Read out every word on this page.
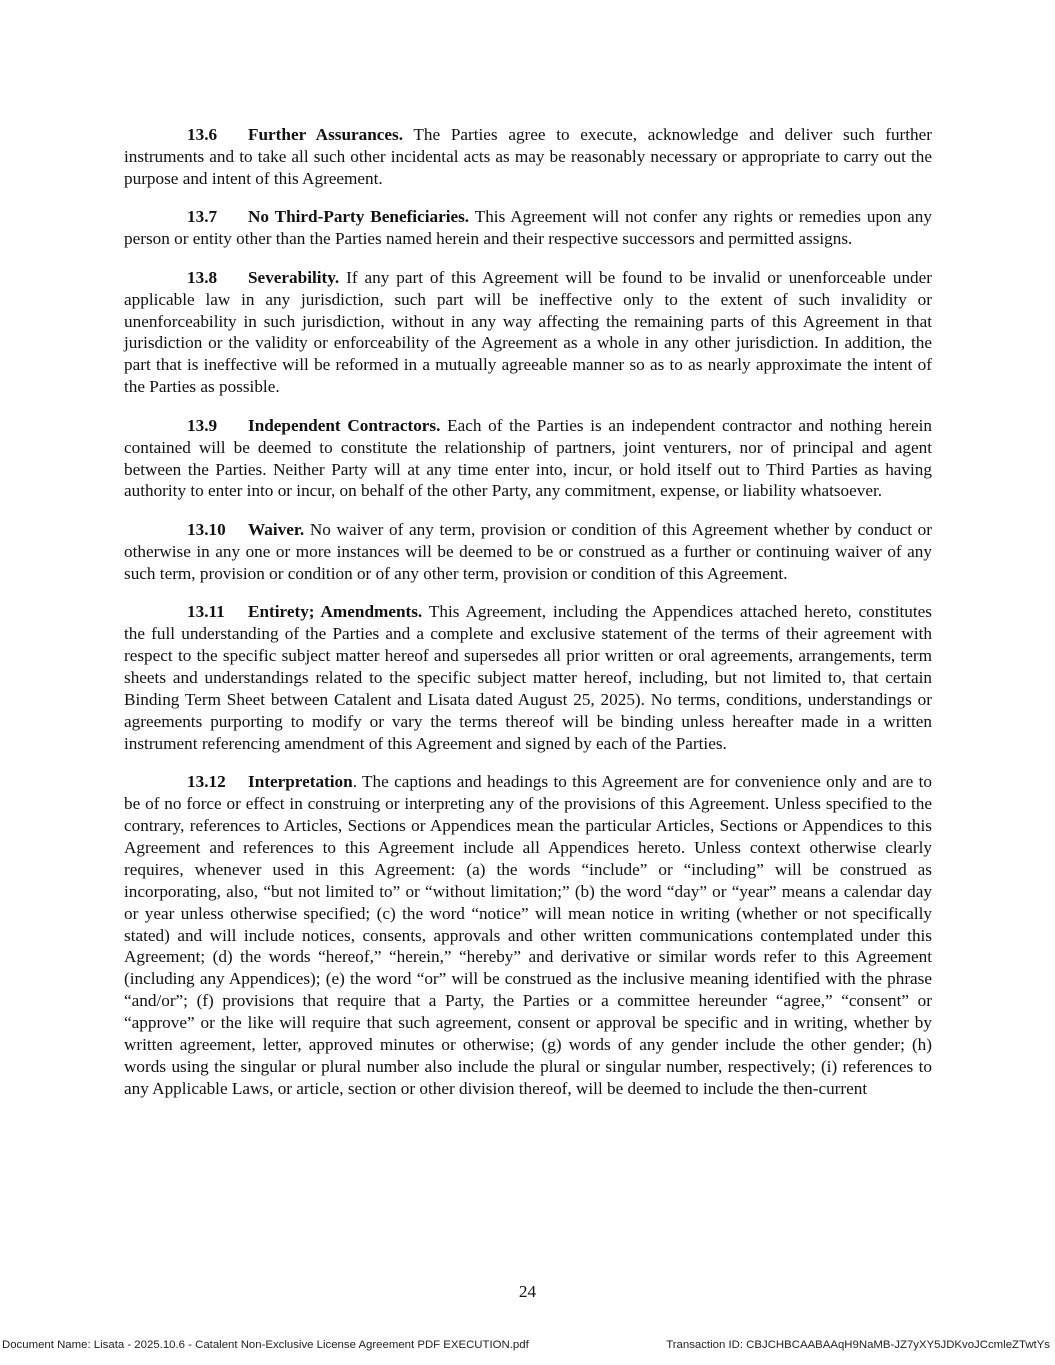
13.6 Further Assurances. The Parties agree to execute, acknowledge and deliver such further instruments and to take all such other incidental acts as may be reasonably necessary or appropriate to carry out the purpose and intent of this Agreement.

13.7 No Third-Party Beneficiaries. This Agreement will not confer any rights or remedies upon any person or entity other than the Parties named herein and their respective successors and permitted assigns.

13.8 Severability. If any part of this Agreement will be found to be invalid or unenforceable under applicable law in any jurisdiction, such part will be ineffective only to the extent of such invalidity or unenforceability in such jurisdiction, without in any way affecting the remaining parts of this Agreement in that jurisdiction or the validity or enforceability of the Agreement as a whole in any other jurisdiction. In addition, the part that is ineffective will be reformed in a mutually agreeable manner so as to as nearly approximate the intent of the Parties as possible.

13.9 Independent Contractors. Each of the Parties is an independent contractor and nothing herein contained will be deemed to constitute the relationship of partners, joint venturers, nor of principal and agent between the Parties. Neither Party will at any time enter into, incur, or hold itself out to Third Parties as having authority to enter into or incur, on behalf of the other Party, any commitment, expense, or liability whatsoever.

13.10 Waiver. No waiver of any term, provision or condition of this Agreement whether by conduct or otherwise in any one or more instances will be deemed to be or construed as a further or continuing waiver of any such term, provision or condition or of any other term, provision or condition of this Agreement.

13.11 Entirety; Amendments. This Agreement, including the Appendices attached hereto, constitutes the full understanding of the Parties and a complete and exclusive statement of the terms of their agreement with respect to the specific subject matter hereof and supersedes all prior written or oral agreements, arrangements, term sheets and understandings related to the specific subject matter hereof, including, but not limited to, that certain Binding Term Sheet between Catalent and Lisata dated August 25, 2025). No terms, conditions, understandings or agreements purporting to modify or vary the terms thereof will be binding unless hereafter made in a written instrument referencing amendment of this Agreement and signed by each of the Parties.

13.12 Interpretation. The captions and headings to this Agreement are for convenience only and are to be of no force or effect in construing or interpreting any of the provisions of this Agreement. Unless specified to the contrary, references to Articles, Sections or Appendices mean the particular Articles, Sections or Appendices to this Agreement and references to this Agreement include all Appendices hereto. Unless context otherwise clearly requires, whenever used in this Agreement: (a) the words “include” or “including” will be construed as incorporating, also, “but not limited to” or “without limitation;” (b) the word “day” or “year” means a calendar day or year unless otherwise specified; (c) the word “notice” will mean notice in writing (whether or not specifically stated) and will include notices, consents, approvals and other written communications contemplated under this Agreement; (d) the words “hereof,” “herein,” “hereby” and derivative or similar words refer to this Agreement (including any Appendices); (e) the word “or” will be construed as the inclusive meaning identified with the phrase “and/or”; (f) provisions that require that a Party, the Parties or a committee hereunder “agree,” “consent” or “approve” or the like will require that such agreement, consent or approval be specific and in writing, whether by written agreement, letter, approved minutes or otherwise; (g) words of any gender include the other gender; (h) words using the singular or plural number also include the plural or singular number, respectively; (i) references to any Applicable Laws, or article, section or other division thereof, will be deemed to include the then-current

24
Document Name: Lisata - 2025.10.6 - Catalent Non-Exclusive License Agreement PDF EXECUTION.pdf	Transaction ID: CBJCHBCAABAAqH9NaMB-JZ7yXY5JDKvoJCcmleZTwtYs
